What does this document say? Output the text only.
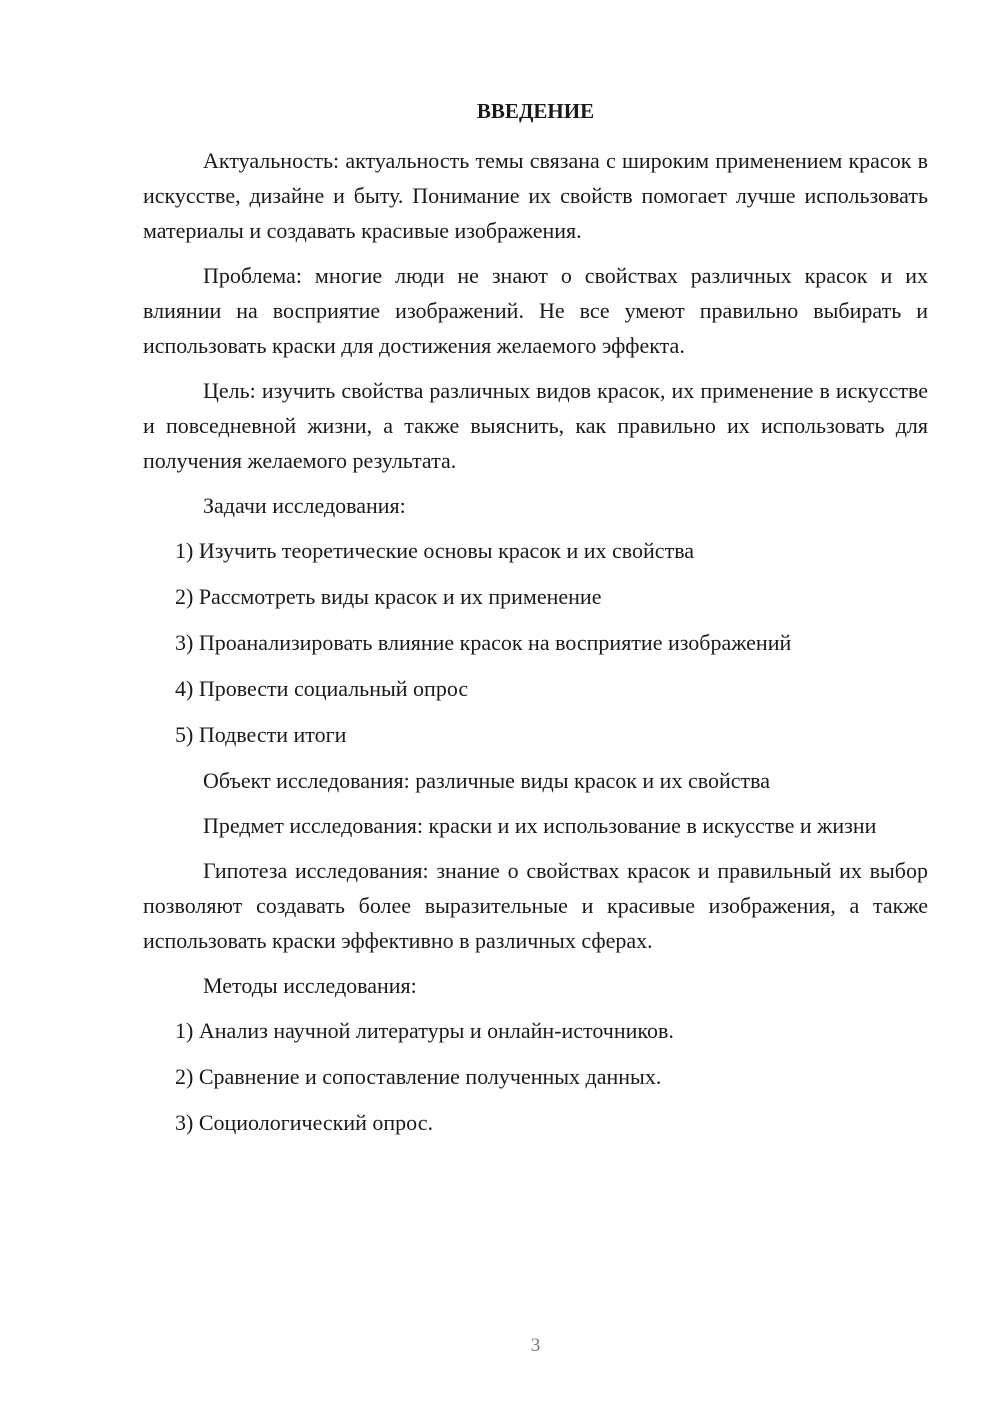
ВВЕДЕНИЕ

Актуальность: актуальность темы связана с широким применением красок в искусстве, дизайне и быту. Понимание их свойств помогает лучше использовать материалы и создавать красивые изображения.

Проблема: многие люди не знают о свойствах различных красок и их влиянии на восприятие изображений. Не все умеют правильно выбирать и использовать краски для достижения желаемого эффекта.

Цель: изучить свойства различных видов красок, их применение в искусстве и повседневной жизни, а также выяснить, как правильно их использовать для получения желаемого результата.

Задачи исследования:

1) Изучить теоретические основы красок и их свойства

2) Рассмотреть виды красок и их применение

3) Проанализировать влияние красок на восприятие изображений

4) Провести социальный опрос

5) Подвести итоги

Объект исследования: различные виды красок и их свойства

Предмет исследования: краски и их использование в искусстве и жизни

Гипотеза исследования: знание о свойствах красок и правильный их выбор позволяют создавать более выразительные и красивые изображения, а также использовать краски эффективно в различных сферах.

Методы исследования:

1) Анализ научной литературы и онлайн-источников.

2) Сравнение и сопоставление полученных данных.

3) Социологический опрос.

3
